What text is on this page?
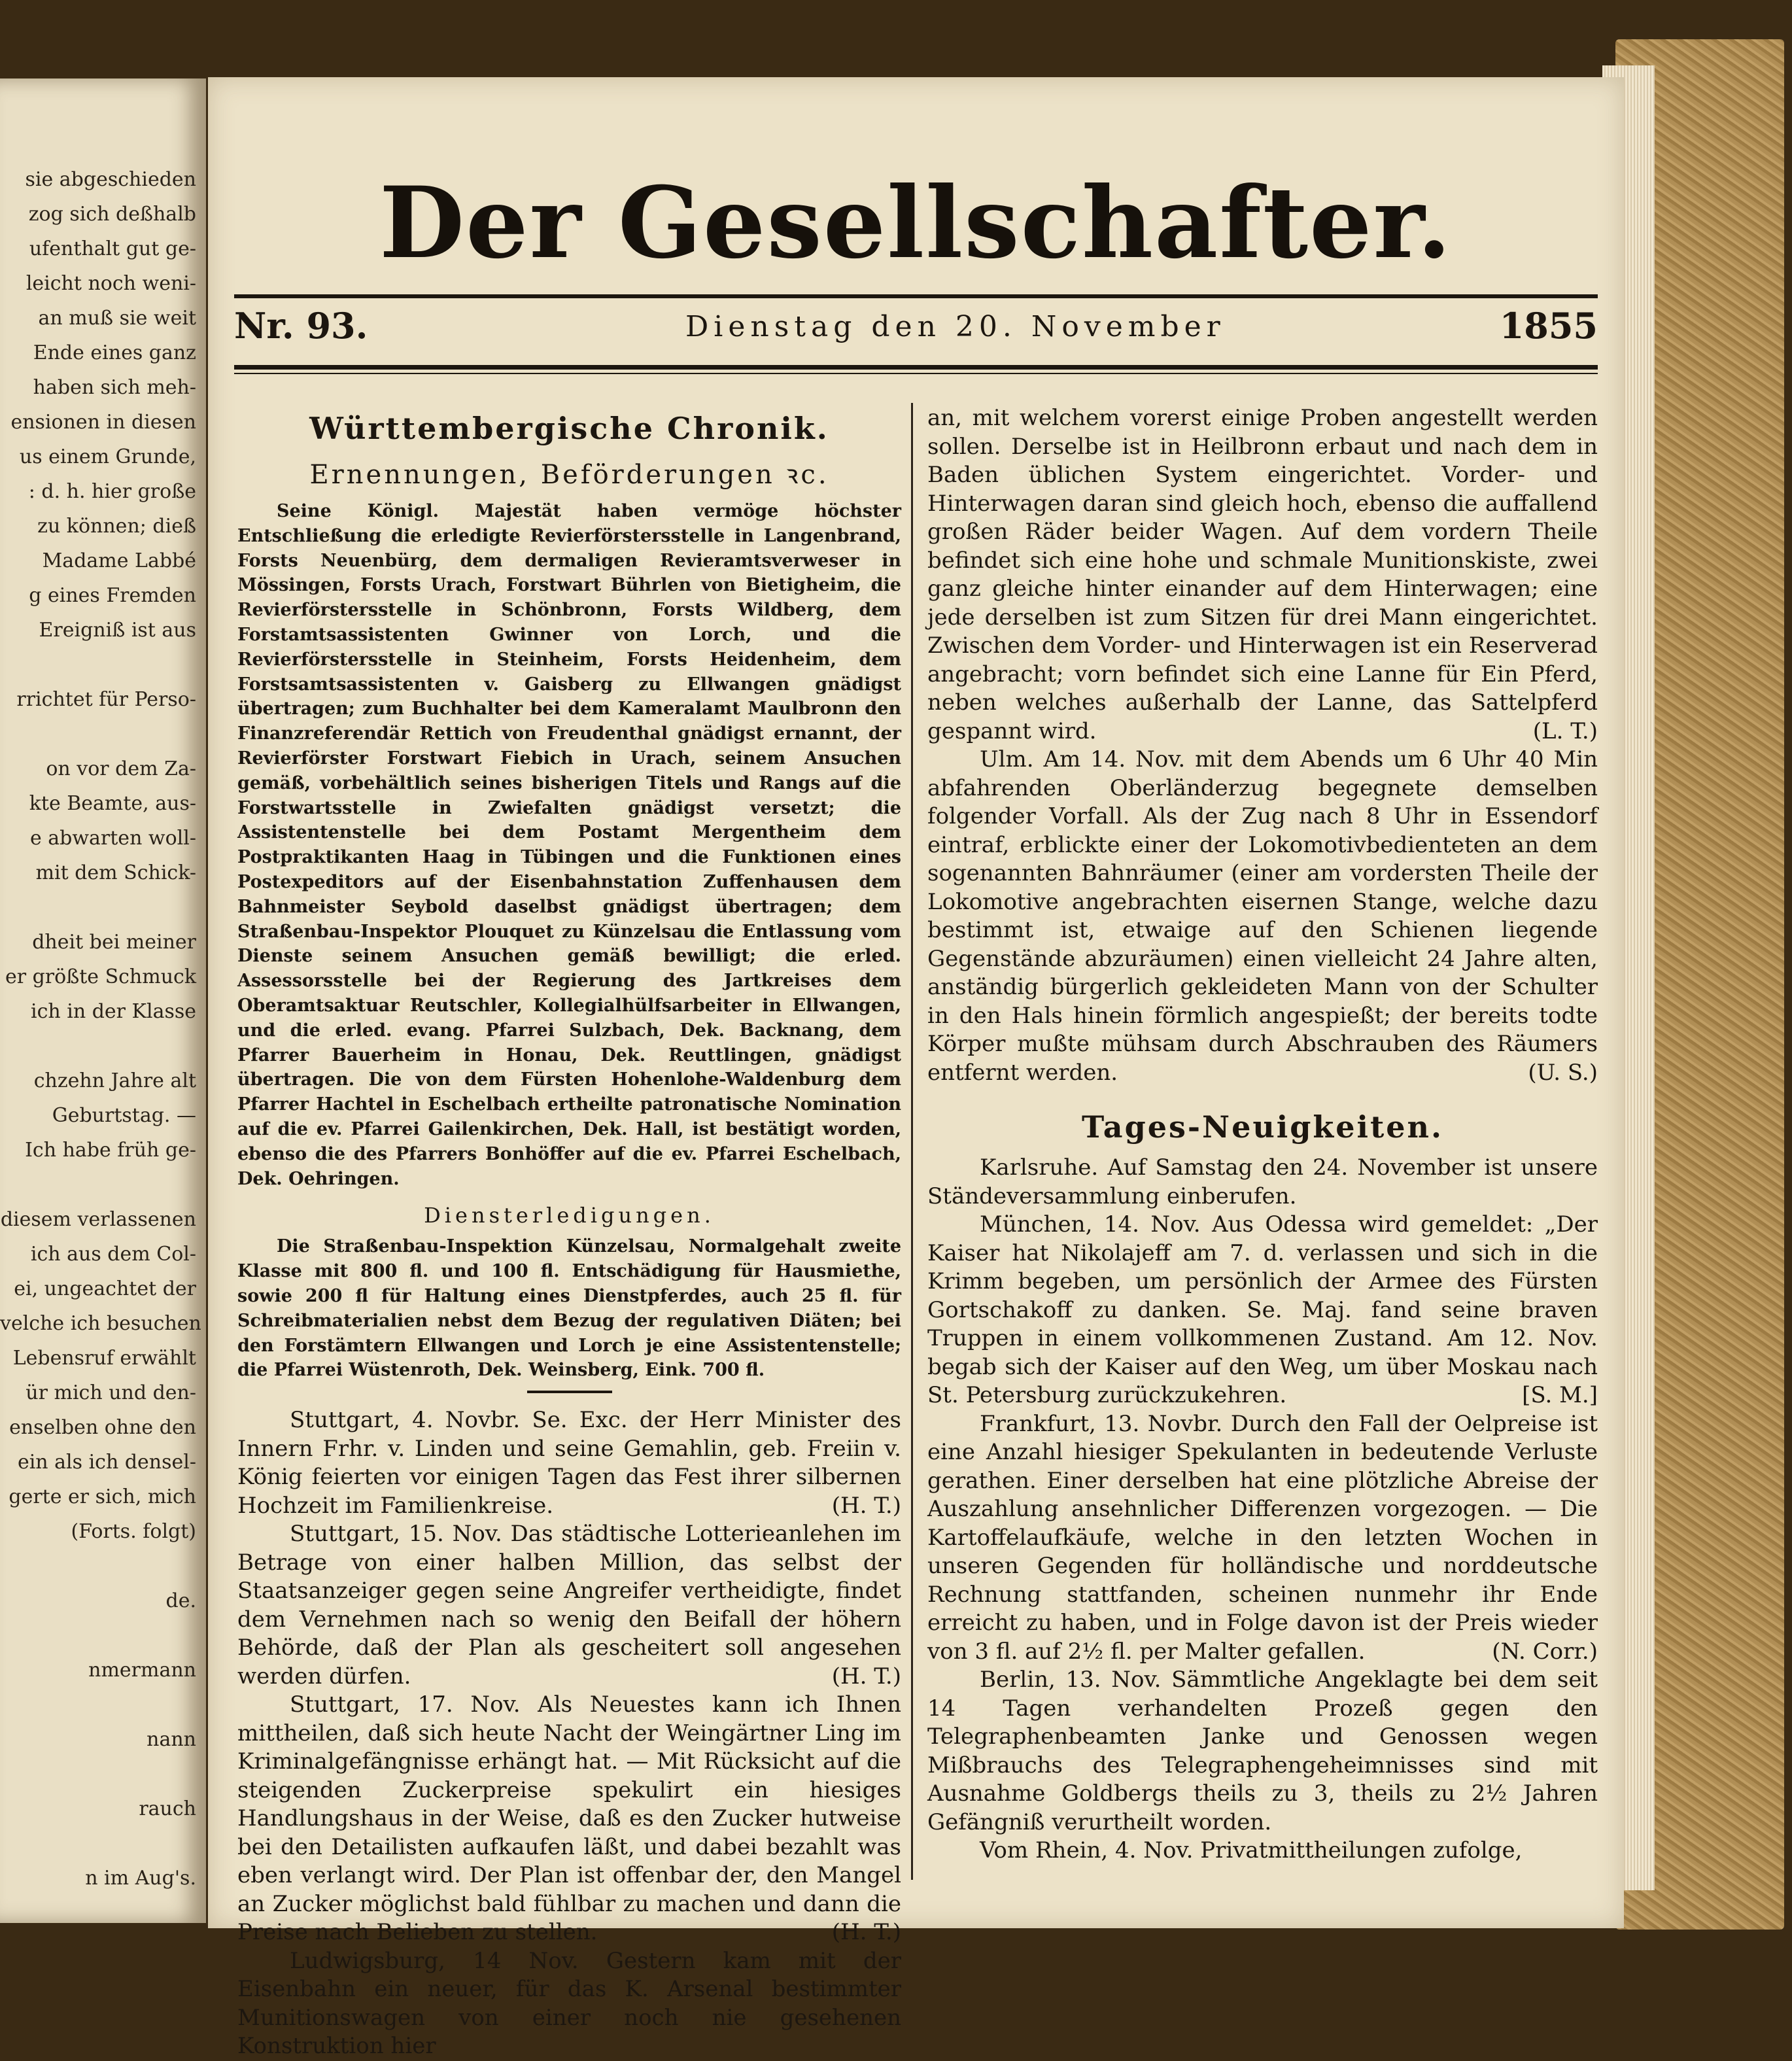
sie abgeschieden
zog sich deßhalb
ufenthalt gut ge-
leicht noch weni-
an muß sie weit
Ende eines ganz
haben sich meh-
ensionen in diesen
us einem Grunde,
: d. h. hier große
zu können; dieß
Madame Labbé
g eines Fremden
Ereigniß ist aus
rrichtet für Perso-
on vor dem Za-
kte Beamte, aus-
e abwarten woll-
mit dem Schick-
dheit bei meiner
er größte Schmuck
ich in der Klasse
chzehn Jahre alt
Geburtstag. —
Ich habe früh ge-
diesem verlassenen
ich aus dem Col-
ei, ungeachtet der
velche ich besuchen
Lebensruf erwählt
ür mich und den-
enselben ohne den
ein als ich densel-
gerte er sich, mich
(Forts. folgt)
de.
nmermann
nann
rauch
n im Aug's.
Der Gesellschafter.
Nr. 93.	Dienstag den 20. November	1855
Württembergische Chronik.
Ernennungen, Beförderungen ꝛc.

Seine Königl. Majestät haben vermöge höchster Entschließung die erledigte Revierförstersstelle in Langenbrand, Forsts Neuenbürg, dem dermaligen Revieramtsverweser in Mössingen, Forsts Urach, Forstwart Bührlen von Bietigheim, die Revierförstersstelle in Schönbronn, Forsts Wildberg, dem Forstamtsassistenten Gwinner von Lorch, und die Revierförstersstelle in Steinheim, Forsts Heidenheim, dem Forstsamtsassistenten v. Gaisberg zu Ellwangen gnädigst übertragen; zum Buchhalter bei dem Kameralamt Maulbronn den Finanzreferendär Rettich von Freudenthal gnädigst ernannt, der Revierförster Forstwart Fiebich in Urach, seinem Ansuchen gemäß, vorbehältlich seines bisherigen Titels und Rangs auf die Forstwartsstelle in Zwiefalten gnädigst versetzt; die Assistentenstelle bei dem Postamt Mergentheim dem Postpraktikanten Haag in Tübingen und die Funktionen eines Postexpeditors auf der Eisenbahnstation Zuffenhausen dem Bahnmeister Seybold daselbst gnädigst übertragen; dem Straßenbau-Inspektor Plouquet zu Künzelsau die Entlassung vom Dienste seinem Ansuchen gemäß bewilligt; die erled. Assessorsstelle bei der Regierung des Jartkreises dem Oberamtsaktuar Reutschler, Kollegialhülfsarbeiter in Ellwangen, und die erled. evang. Pfarrei Sulzbach, Dek. Backnang, dem Pfarrer Bauerheim in Honau, Dek. Reuttlingen, gnädigst übertragen. Die von dem Fürsten Hohenlohe-Waldenburg dem Pfarrer Hachtel in Eschelbach ertheilte patronatische Nomination auf die ev. Pfarrei Gailenkirchen, Dek. Hall, ist bestätigt worden, ebenso die des Pfarrers Bonhöffer auf die ev. Pfarrei Eschelbach, Dek. Oehringen.

Diensterledigungen.

Die Straßenbau-Inspektion Künzelsau, Normalgehalt zweite Klasse mit 800 fl. und 100 fl. Entschädigung für Hausmiethe, sowie 200 fl für Haltung eines Dienstpferdes, auch 25 fl. für Schreibmaterialien nebst dem Bezug der regulativen Diäten; bei den Forstämtern Ellwangen und Lorch je eine Assistentenstelle; die Pfarrei Wüstenroth, Dek. Weinsberg, Eink. 700 fl.

Stuttgart, 4. Novbr. Se. Exc. der Herr Minister des Innern Frhr. v. Linden und seine Gemahlin, geb. Freiin v. König feierten vor einigen Tagen das Fest ihrer silbernen Hochzeit im Familienkreise.	(H. T.)

Stuttgart, 15. Nov. Das städtische Lotterieanlehen im Betrage von einer halben Million, das selbst der Staatsanzeiger gegen seine Angreifer vertheidigte, findet dem Vernehmen nach so wenig den Beifall der höhern Behörde, daß der Plan als gescheitert soll angesehen werden dürfen.	(H. T.)

Stuttgart, 17. Nov. Als Neuestes kann ich Ihnen mittheilen, daß sich heute Nacht der Weingärtner Ling im Kriminalgefängnisse erhängt hat. — Mit Rücksicht auf die steigenden Zuckerpreise spekulirt ein hiesiges Handlungshaus in der Weise, daß es den Zucker hutweise bei den Detailisten aufkaufen läßt, und dabei bezahlt was eben verlangt wird. Der Plan ist offenbar der, den Mangel an Zucker möglichst bald fühlbar zu machen und dann die Preise nach Belieben zu stellen.	(H. T.)

Ludwigsburg, 14 Nov. Gestern kam mit der Eisenbahn ein neuer, für das K. Arsenal bestimmter Munitionswagen von einer noch nie gesehenen Konstruktion hier

an, mit welchem vorerst einige Proben angestellt werden sollen. Derselbe ist in Heilbronn erbaut und nach dem in Baden üblichen System eingerichtet. Vorder- und Hinterwagen daran sind gleich hoch, ebenso die auffallend großen Räder beider Wagen. Auf dem vordern Theile befindet sich eine hohe und schmale Munitionskiste, zwei ganz gleiche hinter einander auf dem Hinterwagen; eine jede derselben ist zum Sitzen für drei Mann eingerichtet. Zwischen dem Vorder- und Hinterwagen ist ein Reserverad angebracht; vorn befindet sich eine Lanne für Ein Pferd, neben welches außerhalb der Lanne, das Sattelpferd gespannt wird.	(L. T.)

Ulm. Am 14. Nov. mit dem Abends um 6 Uhr 40 Min abfahrenden Oberländerzug begegnete demselben folgender Vorfall. Als der Zug nach 8 Uhr in Essendorf eintraf, erblickte einer der Lokomotivbedienteten an dem sogenannten Bahnräumer (einer am vordersten Theile der Lokomotive angebrachten eisernen Stange, welche dazu bestimmt ist, etwaige auf den Schienen liegende Gegenstände abzuräumen) einen vielleicht 24 Jahre alten, anständig bürgerlich gekleideten Mann von der Schulter in den Hals hinein förmlich angespießt; der bereits todte Körper mußte mühsam durch Abschrauben des Räumers entfernt werden.	(U. S.)

Tages-Neuigkeiten.

Karlsruhe. Auf Samstag den 24. November ist unsere Ständeversammlung einberufen.

München, 14. Nov. Aus Odessa wird gemeldet: „Der Kaiser hat Nikolajeff am 7. d. verlassen und sich in die Krimm begeben, um persönlich der Armee des Fürsten Gortschakoff zu danken. Se. Maj. fand seine braven Truppen in einem vollkommenen Zustand. Am 12. Nov. begab sich der Kaiser auf den Weg, um über Moskau nach St. Petersburg zurückzukehren.	[S. M.]

Frankfurt, 13. Novbr. Durch den Fall der Oelpreise ist eine Anzahl hiesiger Spekulanten in bedeutende Verluste gerathen. Einer derselben hat eine plötzliche Abreise der Auszahlung ansehnlicher Differenzen vorgezogen. — Die Kartoffelaufkäufe, welche in den letzten Wochen in unseren Gegenden für holländische und norddeutsche Rechnung stattfanden, scheinen nunmehr ihr Ende erreicht zu haben, und in Folge davon ist der Preis wieder von 3 fl. auf 2½ fl. per Malter gefallen.	(N. Corr.)

Berlin, 13. Nov. Sämmtliche Angeklagte bei dem seit 14 Tagen verhandelten Prozeß gegen den Telegraphenbeamten Janke und Genossen wegen Mißbrauchs des Telegraphengeheimnisses sind mit Ausnahme Goldbergs theils zu 3, theils zu 2½ Jahren Gefängniß verurtheilt worden.

Vom Rhein, 4. Nov. Privatmittheilungen zufolge,
